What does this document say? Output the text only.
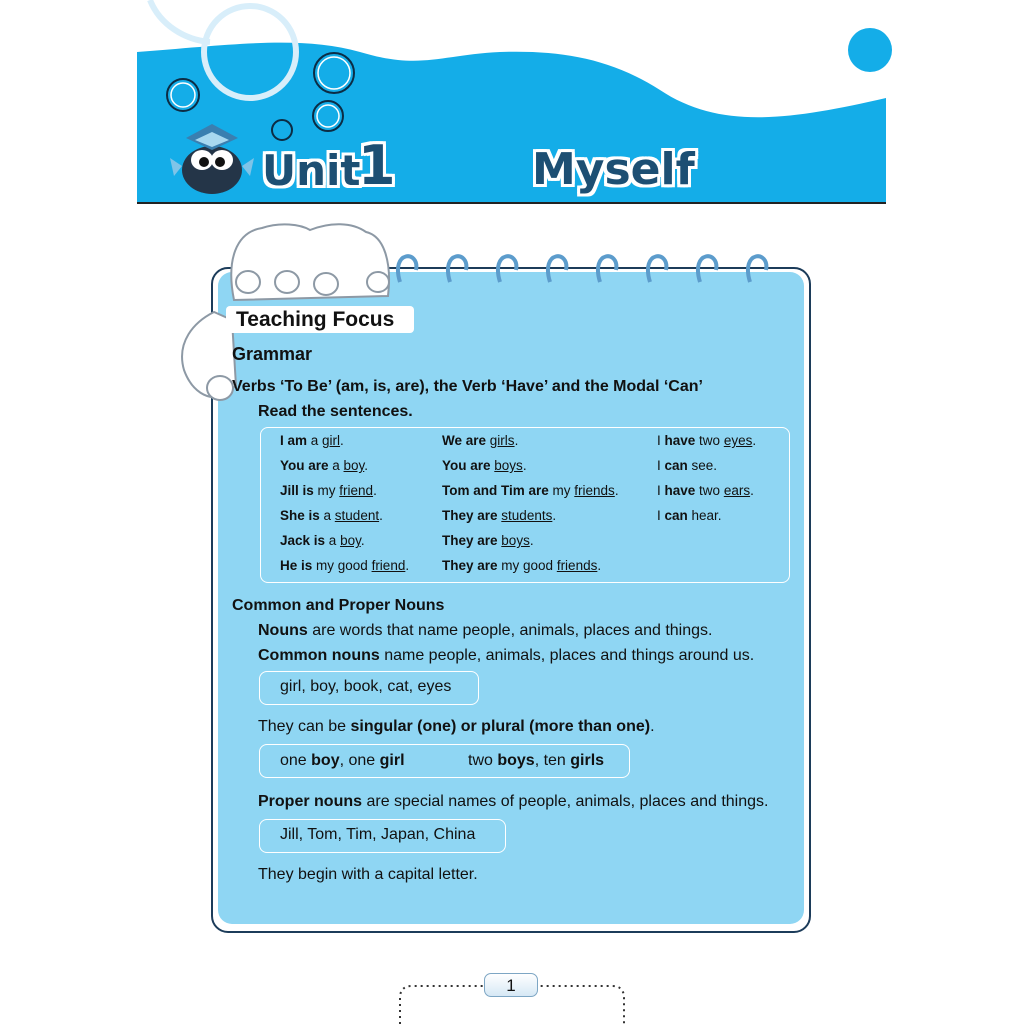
Unit
1	Myself
Teaching Focus
Grammar
Verbs ‘To Be’ (am, is, are), the Verb ‘Have’ and the Modal ‘Can’
Read the sentences.
I am a girl.
You are a boy.
Jill is my friend.
She is a student.
Jack is a boy.
He is my good friend.
We are girls.
You are boys.
Tom and Tim are my friends.
They are students.
They are boys.
They are my good friends.
I have two eyes.
I can see.
I have two ears.
I can hear.
Common and Proper Nouns
Nouns are words that name people, animals, places and things.
Common nouns name people, animals, places and things around us.
girl, boy, book, cat, eyes
They can be singular (one) or plural (more than one).
one boy, one girl	two boys, ten girls
Proper nouns are special names of people, animals, places and things.
Jill, Tom, Tim, Japan, China
They begin with a capital letter.
1
